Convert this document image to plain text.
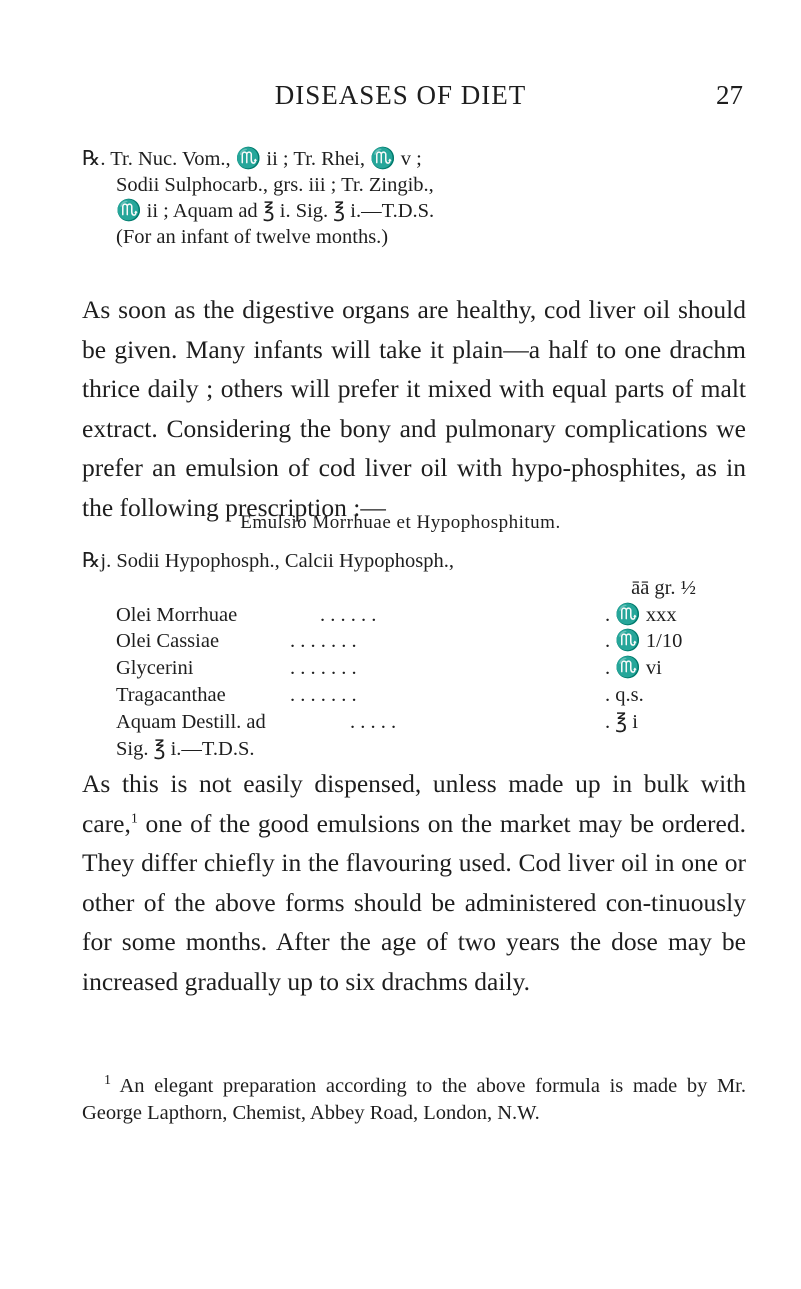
DISEASES OF DIET	27
℞. Tr. Nuc. Vom., ♏ ii ; Tr. Rhei, ♏ v ;
Sodii Sulphocarb., grs. iii ; Tr. Zingib.,
♏ ii ; Aquam ad ℥ i. Sig. ℥ i.—T.D.S.
(For an infant of twelve months.)

As soon as the digestive organs are healthy, cod liver oil should be given. Many infants will take it plain—a half to one drachm thrice daily ; others will prefer it mixed with equal parts of malt extract. Considering the bony and pulmonary complications we prefer an emulsion of cod liver oil with hypo-phosphites, as in the following prescription :—

Emulsio Morrhuae et Hypophosphitum.
℞j. Sodii Hypophosph., Calcii Hypophosph.,
āā gr. ½
Olei Morrhuae	. . . . . .	. ♏ xxx
Olei Cassiae	. . . . . . .	. ♏ 1/10
Glycerini	. . . . . . .	. ♏ vi
Tragacanthae	. . . . . . .	. q.s.
Aquam Destill. ad	. . . . .	. ℥ i
Sig. ℥ i.—T.D.S.

As this is not easily dispensed, unless made up in bulk with care,$^1$ one of the good emulsions on the market may be ordered. They differ chiefly in the flavouring used. Cod liver oil in one or other of the above forms should be administered con-tinuously for some months. After the age of two years the dose may be increased gradually up to six drachms daily.

$^1$ An elegant preparation according to the above formula is made by Mr. George Lapthorn, Chemist, Abbey Road, London, N.W.
